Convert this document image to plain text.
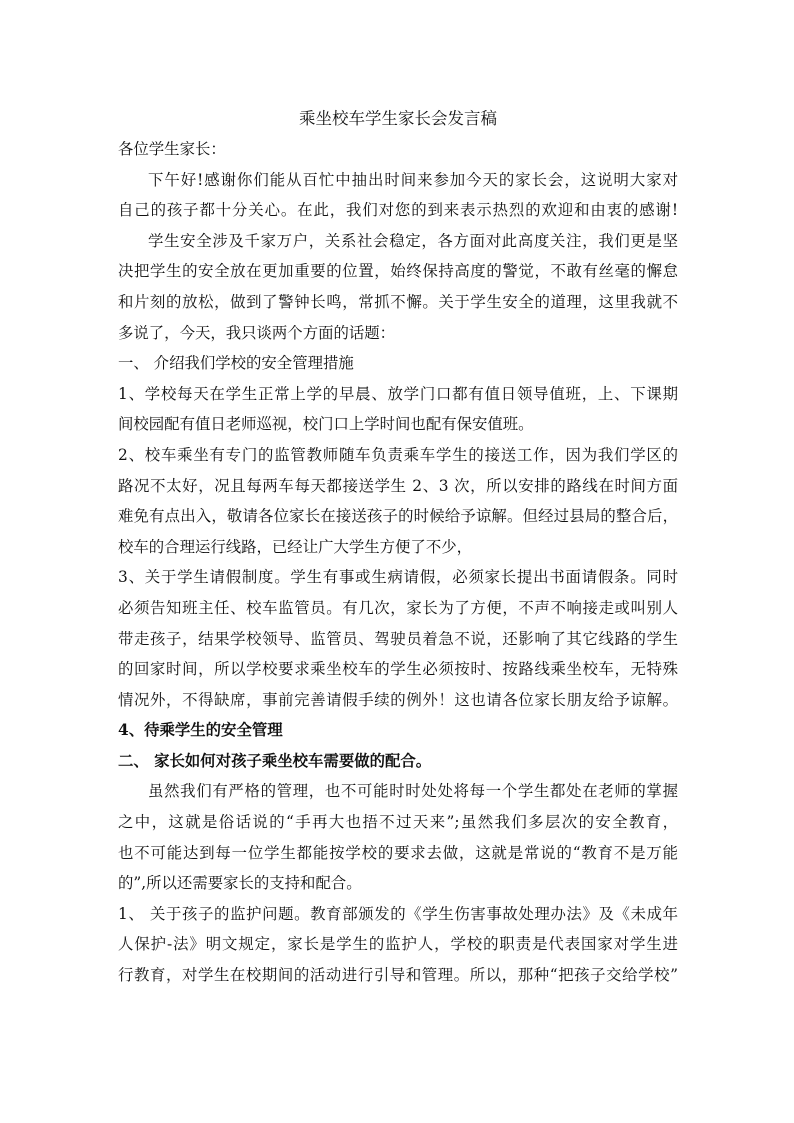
乘坐校车学生家长会发言稿
各位学生家长：
下午好!感谢你们能从百忙中抽出时间来参加今天的家长会，这说明大家对
自己的孩子都十分关心。在此，我们对您的到来表示热烈的欢迎和由衷的感谢!
学生安全涉及千家万户，关系社会稳定，各方面对此高度关注，我们更是坚
决把学生的安全放在更加重要的位置，始终保持高度的警觉，不敢有丝毫的懈怠
和片刻的放松，做到了警钟长鸣，常抓不懈。关于学生安全的道理，这里我就不
多说了，今天，我只谈两个方面的话题：
一、 介绍我们学校的安全管理措施
1、学校每天在学生正常上学的早晨、放学门口都有值日领导值班，上、下课期
间校园配有值日老师巡视，校门口上学时间也配有保安值班。
2、校车乘坐有专门的监管教师随车负责乘车学生的接送工作，因为我们学区的
路况不太好，况且每两车每天都接送学生 2、3 次，所以安排的路线在时间方面
难免有点出入，敬请各位家长在接送孩子的时候给予谅解。但经过县局的整合后，
校车的合理运行线路，已经让广大学生方便了不少，
3、关于学生请假制度。学生有事或生病请假，必须家长提出书面请假条。同时
必须告知班主任、校车监管员。有几次，家长为了方便，不声不响接走或叫别人
带走孩子，结果学校领导、监管员、驾驶员着急不说，还影响了其它线路的学生
的回家时间，所以学校要求乘坐校车的学生必须按时、按路线乘坐校车，无特殊
情况外，不得缺席，事前完善请假手续的例外！这也请各位家长朋友给予谅解。
4、待乘学生的安全管理
二、 家长如何对孩子乘坐校车需要做的配合。
虽然我们有严格的管理，也不可能时时处处将每一个学生都处在老师的掌握
之中，这就是俗话说的“手再大也捂不过天来”;虽然我们多层次的安全教育，
也不可能达到每一位学生都能按学校的要求去做，这就是常说的“教育不是万能
的”,所以还需要家长的支持和配合。
1、 关于孩子的监护问题。教育部颁发的《学生伤害事故处理办法》及《未成年
人保护-法》明文规定，家长是学生的监护人，学校的职责是代表国家对学生进
行教育，对学生在校期间的活动进行引导和管理。所以，那种“把孩子交给学校”
